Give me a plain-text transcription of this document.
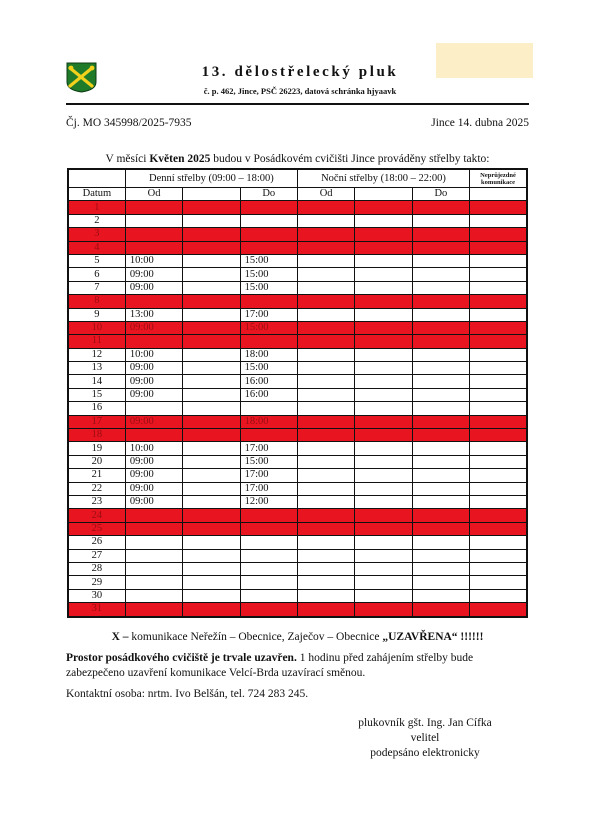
13. dělostřelecký pluk
č. p. 462, Jince, PSČ 26223, datová schránka hjyaavk
Čj. MO 345998/2025-7935	Jince 14. dubna 2025
V měsíci Květen 2025 budou v Posádkovém cvičišti Jince prováděny střelby takto:
	Denní střelby (09:00 – 18:00)			Noční střelby (18:00 – 22:00)			Neprůjezdné komunikace
Datum	Od		Do	Od		Do	
1							
2							
3							
4							
5	10:00		15:00				
6	09:00		15:00				
7	09:00		15:00				
8							
9	13:00		17:00				
10	09:00		15:00				
11							
12	10:00		18:00				
13	09:00		15:00				
14	09:00		16:00				
15	09:00		16:00				
16							
17	09:00		18:00				
18							
19	10:00		17:00				
20	09:00		15:00				
21	09:00		17:00				
22	09:00		17:00				
23	09:00		12:00				
24							
25							
26							
27							
28							
29							
30							
31							
X – komunikace Neřežín – Obecnice, Zaječov – Obecnice „UZAVŘENA“ !!!!!!
Prostor posádkového cvičiště je trvale uzavřen. 1 hodinu před zahájením střelby bude zabezpečeno uzavření komunikace Velcí-Brda uzavírací směnou.
Kontaktní osoba: nrtm. Ivo Belšán, tel. 724 283 245.
plukovník gšt. Ing. Jan Cífka
velitel
podepsáno elektronicky
